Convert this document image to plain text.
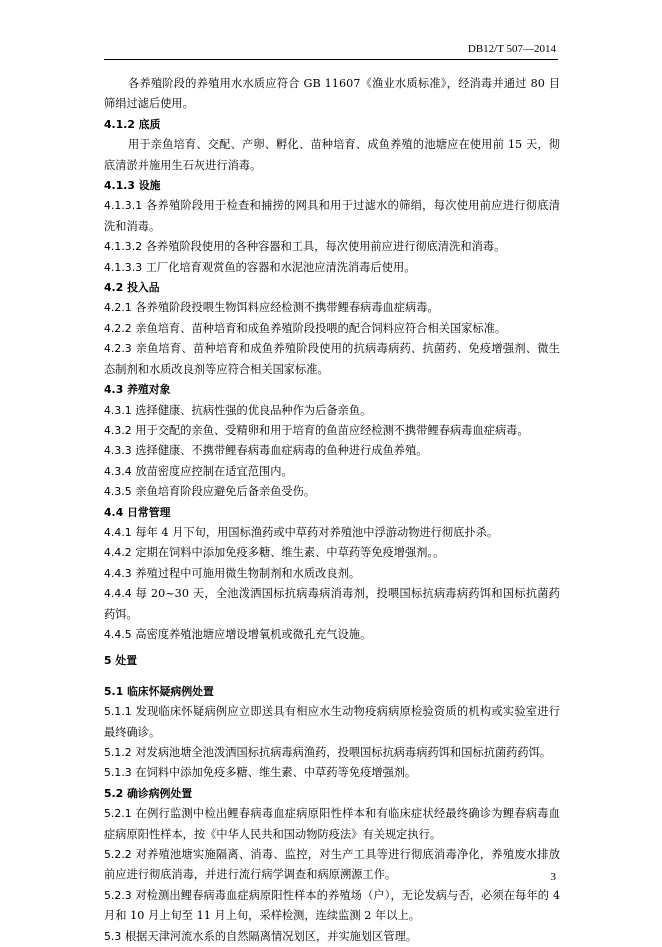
DB12/T 507—2014

各养殖阶段的养殖用水水质应符合 GB 11607《渔业水质标准》，经消毒并通过 80 目筛绢过滤后使用。

4.1.2 底质

用于亲鱼培育、交配、产卵、孵化、苗种培育、成鱼养殖的池塘应在使用前 15 天，彻底清淤并施用生石灰进行消毒。

4.1.3 设施

4.1.3.1 各养殖阶段用于检查和捕捞的网具和用于过滤水的筛绢，每次使用前应进行彻底清洗和消毒。

4.1.3.2 各养殖阶段使用的各种容器和工具，每次使用前应进行彻底清洗和消毒。

4.1.3.3 工厂化培育观赏鱼的容器和水泥池应清洗消毒后使用。

4.2 投入品

4.2.1 各养殖阶段投喂生物饵料应经检测不携带鲤春病毒血症病毒。

4.2.2 亲鱼培育、苗种培育和成鱼养殖阶段投喂的配合饲料应符合相关国家标准。

4.2.3 亲鱼培育、苗种培育和成鱼养殖阶段使用的抗病毒病药、抗菌药、免疫增强剂、微生态制剂和水质改良剂等应符合相关国家标准。

4.3 养殖对象

4.3.1 选择健康、抗病性强的优良品种作为后备亲鱼。

4.3.2 用于交配的亲鱼、受精卵和用于培育的鱼苗应经检测不携带鲤春病毒血症病毒。

4.3.3 选择健康、不携带鲤春病毒血症病毒的鱼种进行成鱼养殖。

4.3.4 放苗密度应控制在适宜范围内。

4.3.5 亲鱼培育阶段应避免后备亲鱼受伤。

4.4 日常管理

4.4.1 每年 4 月下旬，用国标渔药或中草药对养殖池中浮游动物进行彻底扑杀。

4.4.2 定期在饲料中添加免疫多糖、维生素、中草药等免疫增强剂。。

4.4.3 养殖过程中可施用微生物制剂和水质改良剂。

4.4.4 每 20~30 天，全池泼洒国标抗病毒病消毒剂，投喂国标抗病毒病药饵和国标抗菌药药饵。

4.4.5 高密度养殖池塘应增设增氧机或微孔充气设施。

5 处置

5.1 临床怀疑病例处置

5.1.1 发现临床怀疑病例应立即送具有相应水生动物疫病病原检验资质的机构或实验室进行最终确诊。

5.1.2 对发病池塘全池泼洒国标抗病毒病渔药，投喂国标抗病毒病药饵和国标抗菌药药饵。

5.1.3 在饲料中添加免疫多糖、维生素、中草药等免疫增强剂。

5.2 确诊病例处置

5.2.1 在例行监测中检出鲤春病毒血症病原阳性样本和有临床症状经最终确诊为鲤春病毒血症病原阳性样本，按《中华人民共和国动物防疫法》有关规定执行。

5.2.2 对养殖池塘实施隔离、消毒、监控，对生产工具等进行彻底消毒净化，养殖废水排放前应进行彻底消毒，并进行流行病学调查和病原溯源工作。

5.2.3 对检测出鲤春病毒血症病原阳性样本的养殖场（户），无论发病与否，必须在每年的 4 月和 10 月上旬至 11 月上旬，采样检测，连续监测 2 年以上。

5.3 根据天津河流水系的自然隔离情况划区，并实施划区管理。

3
